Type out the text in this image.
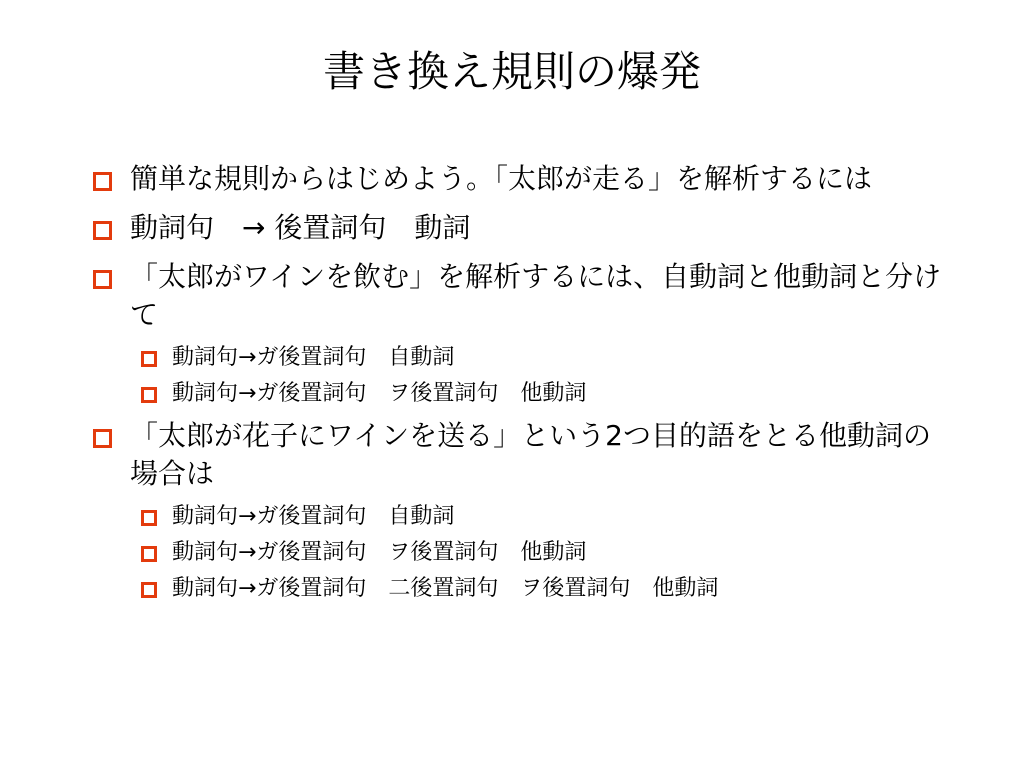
書き換え規則の爆発
簡単な規則からはじめよう。「太郎が走る」を解析するには
動詞句　→ 後置詞句　動詞
「太郎がワインを飲む」を解析するには、自動詞と他動詞と分けて
動詞句→ガ後置詞句　自動詞
動詞句→ガ後置詞句　ヲ後置詞句　他動詞
「太郎が花子にワインを送る」という2つ目的語をとる他動詞の場合は
動詞句→ガ後置詞句　自動詞
動詞句→ガ後置詞句　ヲ後置詞句　他動詞
動詞句→ガ後置詞句　二後置詞句　ヲ後置詞句　他動詞
